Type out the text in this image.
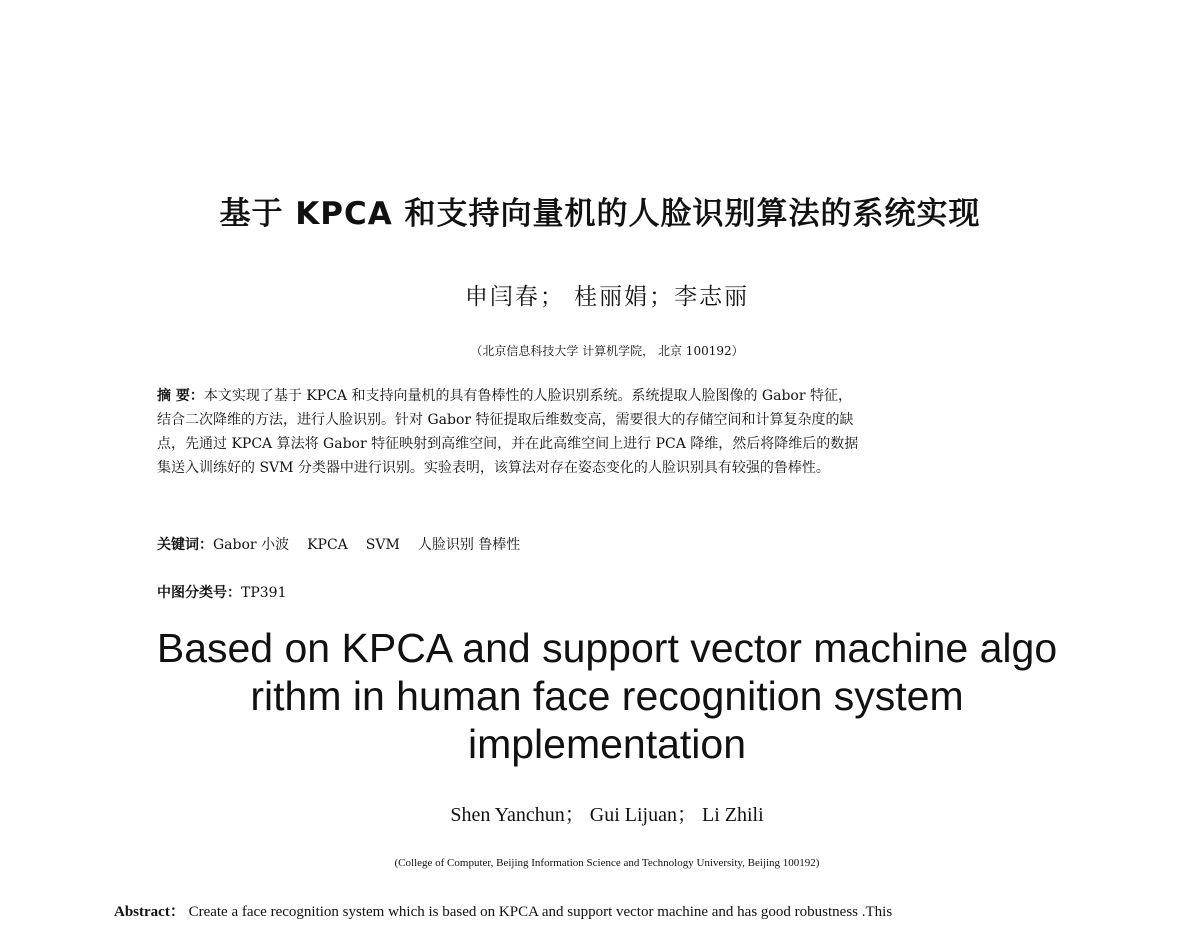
基于 KPCA 和支持向量机的人脸识别算法的系统实现
申闫春； 桂丽娟；李志丽
（北京信息科技大学 计算机学院， 北京 100192）
摘 要：本文实现了基于 KPCA 和支持向量机的具有鲁棒性的人脸识别系统。系统提取人脸图像的 Gabor 特征，
结合二次降维的方法，进行人脸识别。针对 Gabor 特征提取后维数变高，需要很大的存储空间和计算复杂度的缺
点，先通过 KPCA 算法将 Gabor 特征映射到高维空间，并在此高维空间上进行 PCA 降维，然后将降维后的数据
集送入训练好的 SVM 分类器中进行识别。实验表明，该算法对存在姿态变化的人脸识别具有较强的鲁棒性。
关键词：Gabor 小波 KPCA SVM 人脸识别 鲁棒性
中图分类号：TP391
Based on KPCA and support vector machine algo
rithm in human face recognition system
implementation
Shen Yanchun； Gui Lijuan； Li Zhili
(College of Computer, Beijing Information Science and Technology University, Beijing 100192)
Abstract： Create a face recognition system which is based on KPCA and support vector machine and has good robustness .This
